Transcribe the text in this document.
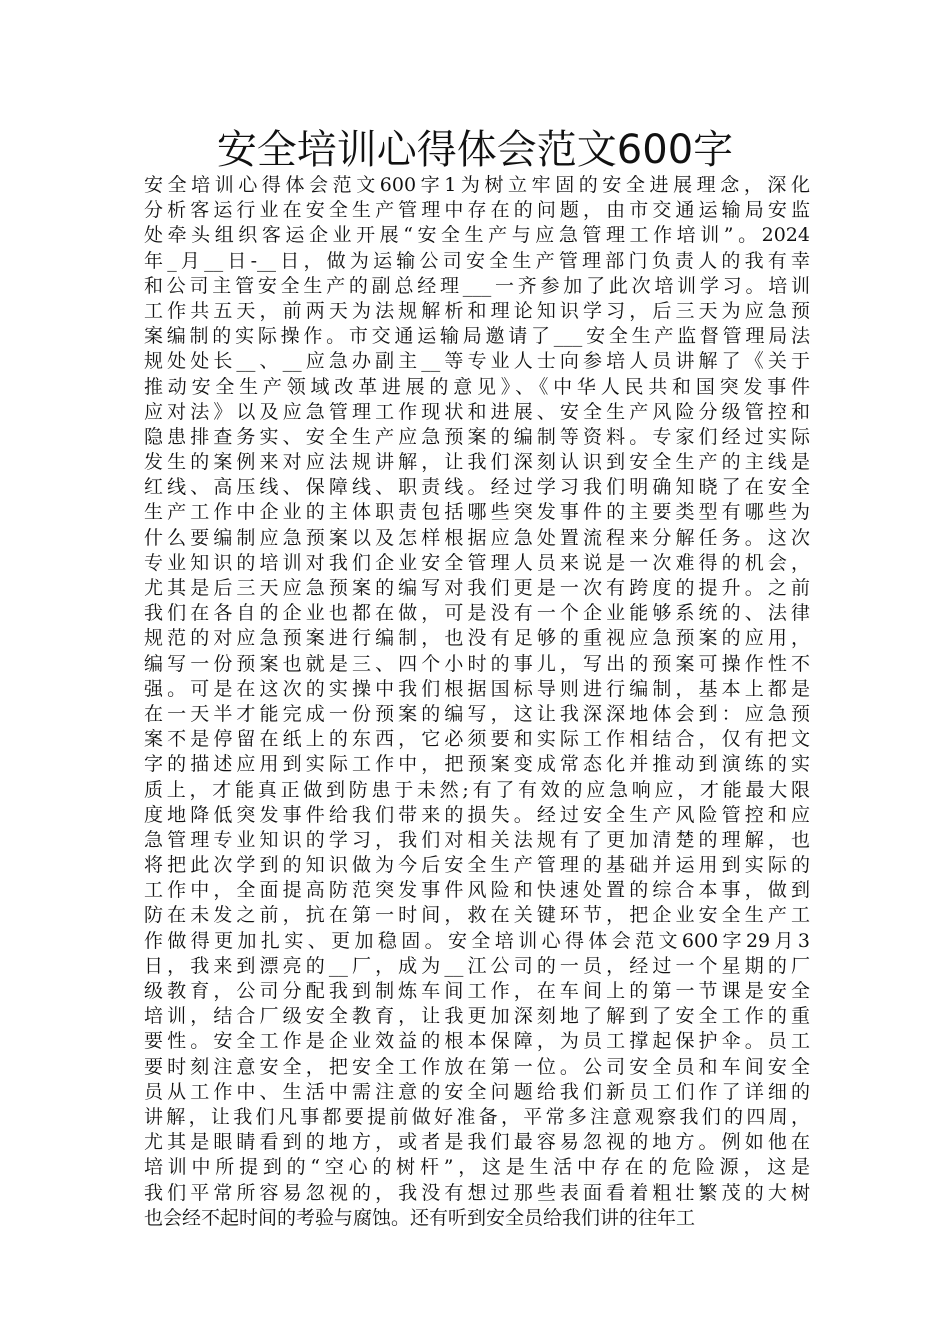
安全培训心得体会范文600字
安全培训心得体会范文600字1为树立牢固的安全进展理念，深化
分析客运行业在安全生产管理中存在的问题，由市交通运输局安监
处牵头组织客运企业开展“安全生产与应急管理工作培训”。2024
年_月__日-__日，做为运输公司安全生产管理部门负责人的我有幸
和公司主管安全生产的副总经理___一齐参加了此次培训学习。培训
工作共五天，前两天为法规解析和理论知识学习，后三天为应急预
案编制的实际操作。市交通运输局邀请了___安全生产监督管理局法
规处处长__、__应急办副主__等专业人士向参培人员讲解了《关于
推动安全生产领域改革进展的意见》、《中华人民共和国突发事件
应对法》以及应急管理工作现状和进展、安全生产风险分级管控和
隐患排查务实、安全生产应急预案的编制等资料。专家们经过实际
发生的案例来对应法规讲解，让我们深刻认识到安全生产的主线是
红线、高压线、保障线、职责线。经过学习我们明确知晓了在安全
生产工作中企业的主体职责包括哪些突发事件的主要类型有哪些为
什么要编制应急预案以及怎样根据应急处置流程来分解任务。这次
专业知识的培训对我们企业安全管理人员来说是一次难得的机会，
尤其是后三天应急预案的编写对我们更是一次有跨度的提升。之前
我们在各自的企业也都在做，可是没有一个企业能够系统的、法律
规范的对应急预案进行编制，也没有足够的重视应急预案的应用，
编写一份预案也就是三、四个小时的事儿，写出的预案可操作性不
强。可是在这次的实操中我们根据国标导则进行编制，基本上都是
在一天半才能完成一份预案的编写，这让我深深地体会到：应急预
案不是停留在纸上的东西，它必须要和实际工作相结合，仅有把文
字的描述应用到实际工作中，把预案变成常态化并推动到演练的实
质上，才能真正做到防患于未然;有了有效的应急响应，才能最大限
度地降低突发事件给我们带来的损失。经过安全生产风险管控和应
急管理专业知识的学习，我们对相关法规有了更加清楚的理解，也
将把此次学到的知识做为今后安全生产管理的基础并运用到实际的
工作中，全面提高防范突发事件风险和快速处置的综合本事，做到
防在未发之前，抗在第一时间，救在关键环节，把企业安全生产工
作做得更加扎实、更加稳固。安全培训心得体会范文600字29月3
日，我来到漂亮的__厂，成为__江公司的一员，经过一个星期的厂
级教育，公司分配我到制炼车间工作，在车间上的第一节课是安全
培训，结合厂级安全教育，让我更加深刻地了解到了安全工作的重
要性。安全工作是企业效益的根本保障，为员工撑起保护伞。员工
要时刻注意安全，把安全工作放在第一位。公司安全员和车间安全
员从工作中、生活中需注意的安全问题给我们新员工们作了详细的
讲解，让我们凡事都要提前做好准备，平常多注意观察我们的四周，
尤其是眼睛看到的地方，或者是我们最容易忽视的地方。例如他在
培训中所提到的“空心的树杆”，这是生活中存在的危险源，这是
我们平常所容易忽视的，我没有想过那些表面看着粗壮繁茂的大树
也会经不起时间的考验与腐蚀。还有听到安全员给我们讲的往年工
